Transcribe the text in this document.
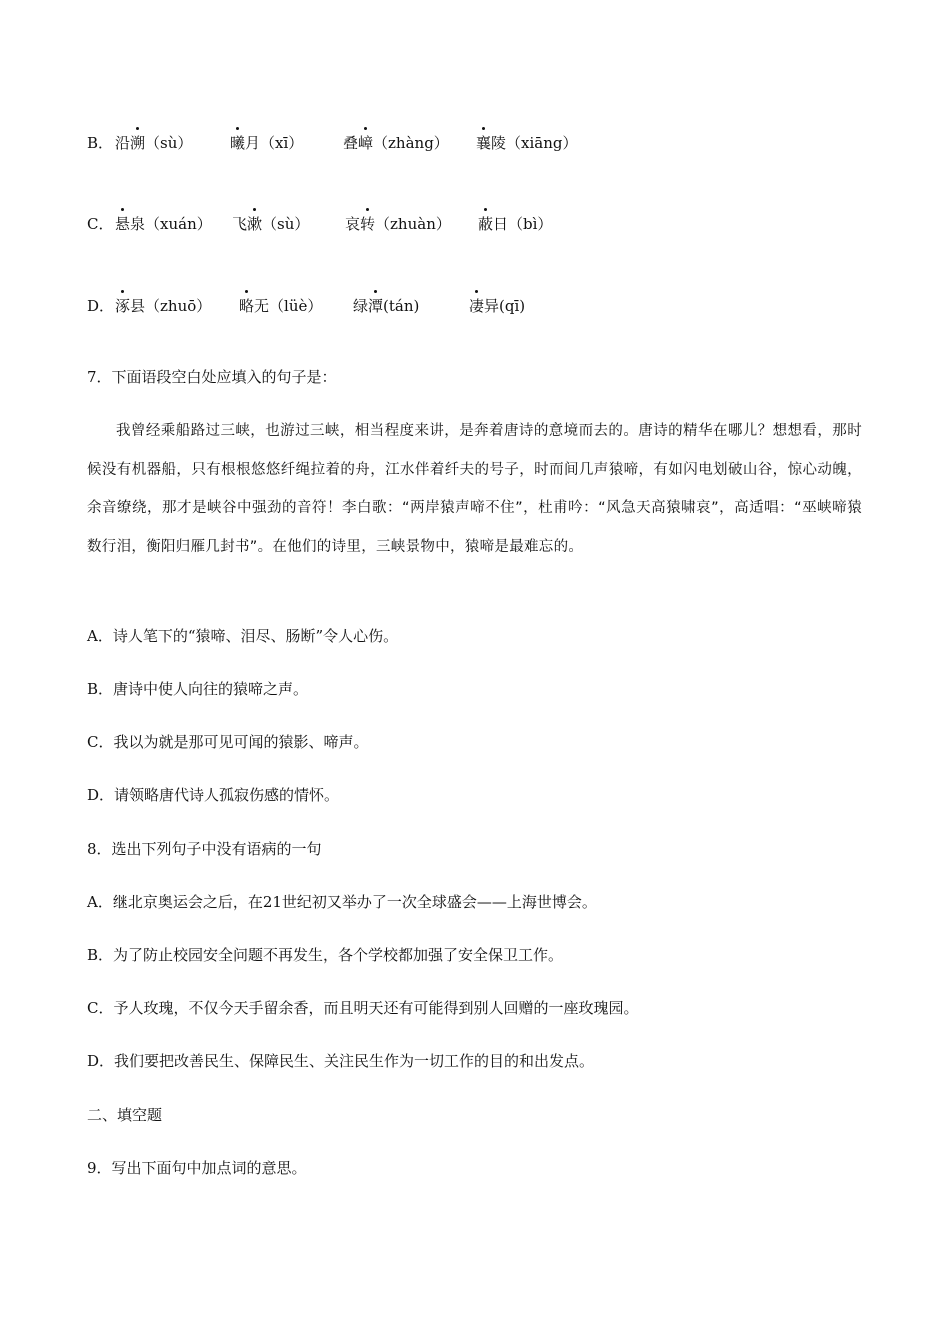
B． 沿溯（sù）	曦月（xī）	叠嶂（zhàng） 襄陵（xiāng）
C． 悬泉（xuán） 飞漱（sù） 哀转（zhuàn） 蔽日（bì）
D． 涿县（zhuō） 略无（lüè） 绿潭(tán)	凄异(qī)
7．下面语段空白处应填入的句子是：

我曾经乘船路过三峡，也游过三峡，相当程度来讲，是奔着唐诗的意境而去的。唐诗的精华在哪儿？想想看，那时候没有机器船，只有根根悠悠纤绳拉着的舟，江水伴着纤夫的号子，时而间几声猿啼，有如闪电划破山谷，惊心动魄，余音缭绕，那才是峡谷中强劲的音符！李白歌：“两岸猿声啼不住”，杜甫吟：“风急天高猿啸哀”，高适唱：“巫峡啼猿数行泪，衡阳归雁几封书”。在他们的诗里，三峡景物中，猿啼是最难忘的。

A．诗人笔下的“猿啼、泪尽、肠断”令人心伤。
B．唐诗中使人向往的猿啼之声。
C．我以为就是那可见可闻的猿影、啼声。
D．请领略唐代诗人孤寂伤感的情怀。
8．选出下列句子中没有语病的一句
A．继北京奥运会之后，在21世纪初又举办了一次全球盛会——上海世博会。
B．为了防止校园安全问题不再发生，各个学校都加强了安全保卫工作。
C．予人玫瑰，不仅今天手留余香，而且明天还有可能得到别人回赠的一座玫瑰园。
D．我们要把改善民生、保障民生、关注民生作为一切工作的目的和出发点。
二、填空题
9．写出下面句中加点词的意思。
